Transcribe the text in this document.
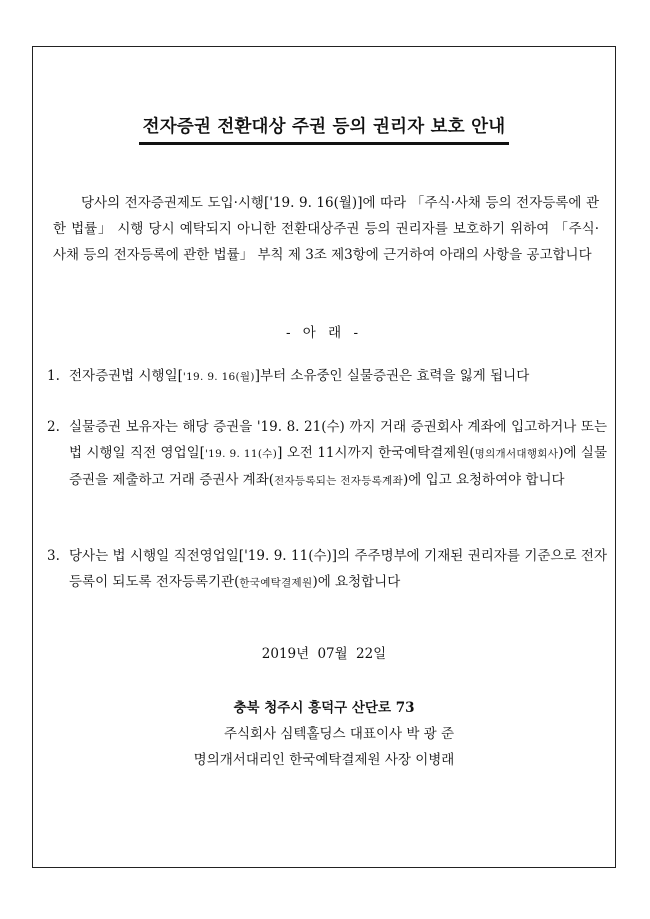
전자증권 전환대상 주권 등의 권리자 보호 안내

당사의 전자증권제도 도입·시행['19. 9. 16(월)]에 따라 「주식·사채 등의 전자등록에 관한 법률」 시행 당시 예탁되지 아니한 전환대상주권 등의 권리자를 보호하기 위하여 「주식·사채 등의 전자등록에 관한 법률」 부칙 제 3조 제3항에 근거하여 아래의 사항을 공고합니다

- 아 래 -
1. 전자증권법 시행일['19. 9. 16(월)]부터 소유중인 실물증권은 효력을 잃게 됩니다
2. 실물증권 보유자는 해당 증권을 '19. 8. 21(수) 까지 거래 증권회사 계좌에 입고하거나 또는 법 시행일 직전 영업일['19. 9. 11(수)] 오전 11시까지 한국예탁결제원(명의개서대행회사)에 실물증권을 제출하고 거래 증권사 계좌(전자등록되는 전자등록계좌)에 입고 요청하여야 합니다
3. 당사는 법 시행일 직전영업일['19. 9. 11(수)]의 주주명부에 기재된 권리자를 기준으로 전자등록이 되도록 전자등록기관(한국예탁결제원)에 요청합니다
2019년 07월 22일
충북 청주시 흥덕구 산단로 73
주식회사 심텍홀딩스 대표이사 박 광 준
명의개서대리인 한국예탁결제원 사장 이병래
